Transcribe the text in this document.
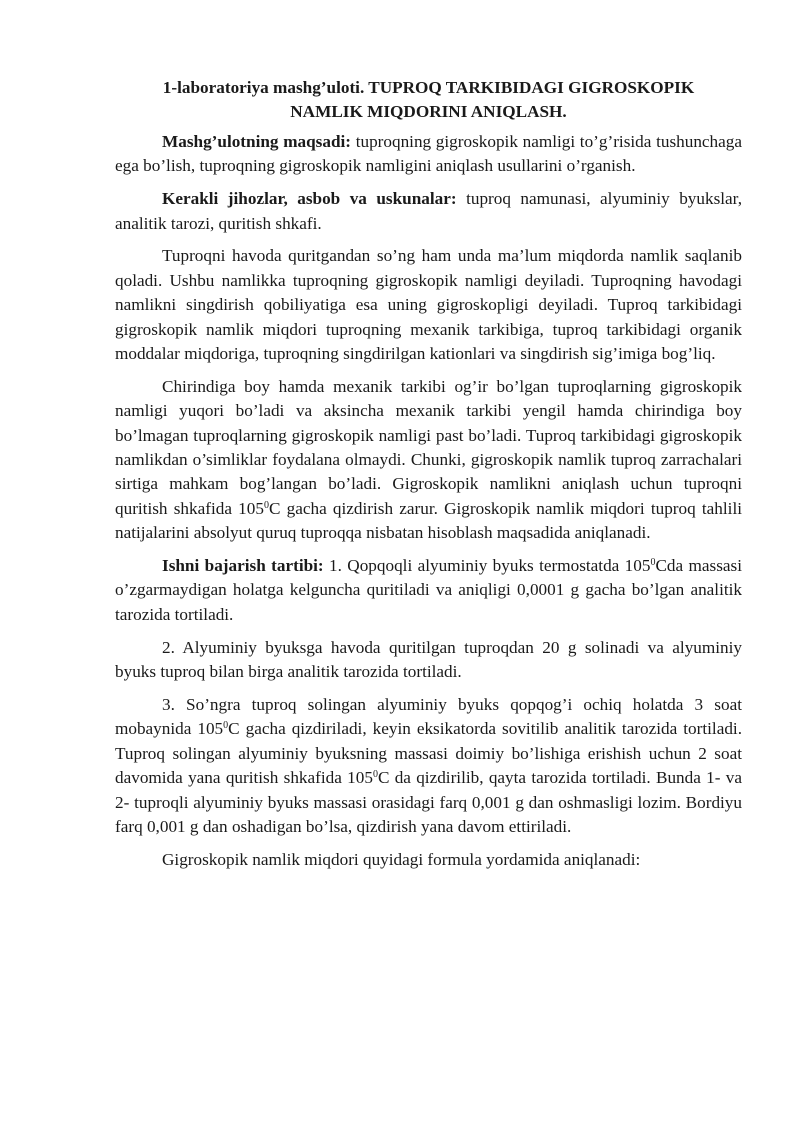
1-laboratoriya mashg’uloti. TUPROQ TARKIBIDAGI GIGROSKOPIK
NAMLIK MIQDORINI ANIQLASH.

Mashg’ulotning maqsadi: tuproqning gigroskopik namligi to’g’risida tushunchaga ega bo’lish, tuproqning gigroskopik namligini aniqlash usullarini o’rganish.

Kerakli jihozlar, asbob va uskunalar: tuproq namunasi, alyuminiy byukslar, analitik tarozi, quritish shkafi.

Tuproqni havoda quritgandan so’ng ham unda ma’lum miqdorda namlik saqlanib qoladi. Ushbu namlikka tuproqning gigroskopik namligi deyiladi. Tuproqning havodagi namlikni singdirish qobiliyatiga esa uning gigroskopligi deyiladi. Tuproq tarkibidagi gigroskopik namlik miqdori tuproqning mexanik tarkibiga, tuproq tarkibidagi organik moddalar miqdoriga, tuproqning singdirilgan kationlari va singdirish sig’imiga bog’liq.

Chirindiga boy hamda mexanik tarkibi og’ir bo’lgan tuproqlarning gigroskopik namligi yuqori bo’ladi va aksincha mexanik tarkibi yengil hamda chirindiga boy bo’lmagan tuproqlarning gigroskopik namligi past bo’ladi. Tuproq tarkibidagi gigroskopik namlikdan o’simliklar foydalana olmaydi. Chunki, gigroskopik namlik tuproq zarrachalari sirtiga mahkam bog’langan bo’ladi. Gigroskopik namlikni aniqlash uchun tuproqni quritish shkafida $105^0C$ gacha qizdirish zarur. Gigroskopik namlik miqdori tuproq tahlili natijalarini absolyut quruq tuproqqa nisbatan hisoblash maqsadida aniqlanadi.

Ishni bajarish tartibi: 1. Qopqoqli alyuminiy byuks termostatda $105^0Cda$ massasi o’zgarmaydigan holatga kelguncha quritiladi va aniqligi 0,0001 g gacha bo’lgan analitik tarozida tortiladi.

2. Alyuminiy byuksga havoda quritilgan tuproqdan 20 g solinadi va alyuminiy byuks tuproq bilan birga analitik tarozida tortiladi.

3. So’ngra tuproq solingan alyuminiy byuks qopqog’i ochiq holatda 3 soat mobaynida $105^0C$ gacha qizdiriladi, keyin eksikatorda sovitilib analitik tarozida tortiladi. Tuproq solingan alyuminiy byuksning massasi doimiy bo’lishiga erishish uchun 2 soat davomida yana quritish shkafida $105^0C$ da qizdirilib, qayta tarozida tortiladi. Bunda 1- va 2- tuproqli alyuminiy byuks massasi orasidagi farq 0,001 g dan oshmasligi lozim. Bordiyu farq 0,001 g dan oshadigan bo’lsa, qizdirish yana davom ettiriladi.

Gigroskopik namlik miqdori quyidagi formula yordamida aniqlanadi:
